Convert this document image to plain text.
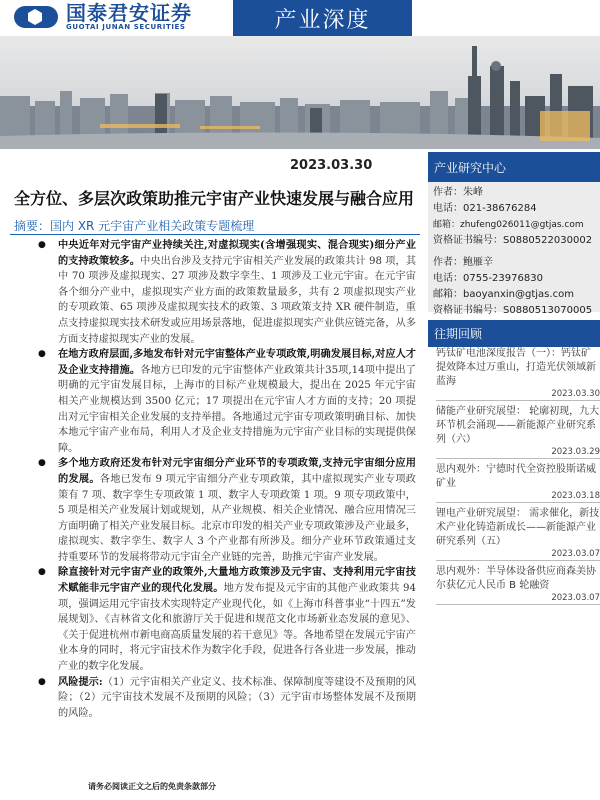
国泰君安证券
GUOTAI JUNAN SECURITIES	产业深度
2023.03.30
全方位、多层次政策助推元宇宙产业快速发展与融合应用
摘要：国内 XR 元宇宙产业相关政策专题梳理

● 中央近年对元宇宙产业持续关注,对虚拟现实(含增强现实、混合现实)细分产业的支持政策较多。中央出台涉及支持元宇宙相关产业发展的政策共计 98 项，其中 70 项涉及虚拟现实、27 项涉及数字孪生、1 项涉及工业元宇宙。在元宇宙各个细分产业中，虚拟现实产业方面的政策数量最多，共有 2 项虚拟现实产业的专项政策、65 项涉及虚拟现实技术的政策、3 项政策支持 XR 硬件制造，重点支持虚拟现实技术研发或应用场景落地，促进虚拟现实产业供应链完备，从多方面支持虚拟现实产业的发展。

● 在地方政府层面,多地发布针对元宇宙整体产业专项政策,明确发展目标,对应人才及企业支持措施。各地方已印发的元宇宙整体产业政策共计35项,14项中提出了明确的元宇宙发展目标，上海市的目标产业规模最大，提出在 2025 年元宇宙相关产业规模达到 3500 亿元；17 项提出在元宇宙人才方面的支持；20 项提出对元宇宙相关企业发展的支持举措。各地通过元宇宙专项政策明确目标、加快本地元宇宙产业布局，利用人才及企业支持措施为元宇宙产业目标的实现提供保障。

● 多个地方政府还发布针对元宇宙细分产业环节的专项政策,支持元宇宙细分应用的发展。各地已发布 9 项元宇宙细分产业专项政策，其中虚拟现实产业专项政策有 7 项、数字孪生专项政策 1 项、数字人专项政策 1 项。9 项专项政策中，5 项是相关产业发展计划或规划，从产业规模、相关企业情况、融合应用情况三方面明确了相关产业发展目标。北京市印发的相关产业专项政策涉及产业最多，虚拟现实、数字孪生、数字人 3 个产业都有所涉及。细分产业环节政策通过支持重要环节的发展将带动元宇宙全产业链的完善，助推元宇宙产业发展。

● 除直接针对元宇宙产业的政策外,大量地方政策涉及元宇宙、支持利用元宇宙技术赋能非元宇宙产业的现代化发展。地方发布提及元宇宙的其他产业政策共 94 项，强调运用元宇宙技术实现特定产业现代化，如《上海市科普事业“十四五”发展规划》、《吉林省文化和旅游厅关于促进和规范文化市场新业态发展的意见》、《关于促进杭州市新电商高质量发展的若干意见》等。各地希望在发展元宇宙产业本身的同时，将元宇宙技术作为数字化手段，促进各行各业进一步发展，推动产业的数字化发展。

● 风险提示:（1）元宇宙相关产业定义、技术标准、保障制度等建设不及预期的风险；（2）元宇宙技术发展不及预期的风险；（3）元宇宙市场整体发展不及预期的风险。

产业研究中心
作者：朱峰
电话：021-38676284
邮箱：zhufeng026011@gtjas.com
资格证书编号：S0880522030002
作者：鲍雁辛
电话：0755-23976830
邮箱：baoyanxin@gtjas.com
资格证书编号：S0880513070005
往期回顾
钙钛矿电池深度报告（一）：钙钛矿提效降本过万重山，打造光伏领域新蓝海
2023.03.30
储能产业研究展望： 轮廓初现，九大环节机会涌现——新能源产业研究系列（六）
2023.03.29
思内观外：宁德时代全资控股斯诺威矿业
2023.03.18
锂电产业研究展望： 需求催化，新技术产业化铸造新成长——新能源产业研究系列（五）
2023.03.07
思内观外：半导体设备供应商森美协尔获亿元人民币 B 轮融资
2023.03.07
请务必阅读正文之后的免责条款部分
